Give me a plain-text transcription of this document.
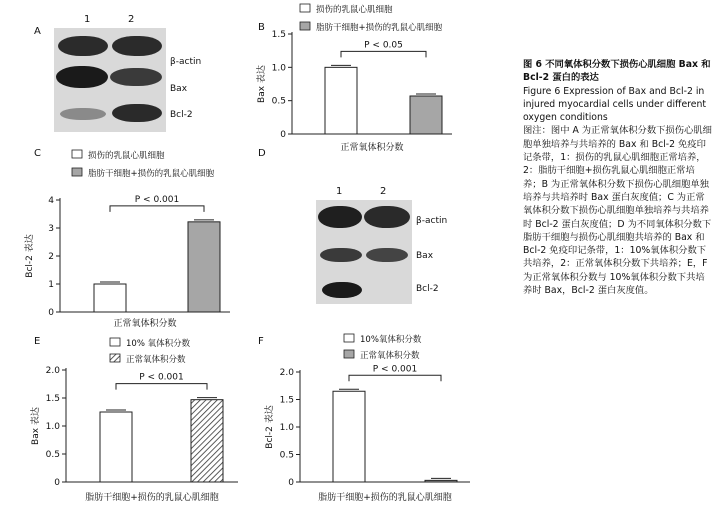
A
1	2
β-actin
Bax
Bcl-2
D
1	2
β-actin
Bax
Bcl-2
B
0
0.5
1.0
1.5
Bax 表达
正常氧体积分数
P < 0.05
损伤的乳鼠心肌细胞
脂肪干细胞+损伤的乳鼠心肌细胞
C
0
1
2
3
4
Bcl-2 表达
正常氧体积分数
P < 0.001
损伤的乳鼠心肌细胞
脂肪干细胞+损伤的乳鼠心肌细胞
E
0
0.5
1.0
1.5
2.0
Bax 表达
脂肪干细胞+损伤的乳鼠心肌细胞
P < 0.001
10% 氧体积分数
正常氧体积分数
F
0
0.5
1.0
1.5
2.0
Bcl-2 表达
脂肪干细胞+损伤的乳鼠心肌细胞
P < 0.001
10%氧体积分数
正常氧体积分数
图 6 不同氧体积分数下损伤心肌细胞 Bax 和 Bcl-2 蛋白的表达
Figure 6 Expression of Bax and Bcl-2 in injured myocardial cells under different oxygen conditions
图注：图中 A 为正常氧体积分数下损伤心肌细胞单独培养与共培养的 Bax 和 Bcl-2 免疫印记条带，1：损伤的乳鼠心肌细胞正常培养，2：脂肪干细胞+损伤乳鼠心肌细胞正常培养；B 为正常氧体积分数下损伤心肌细胞单独培养与共培养时 Bax 蛋白灰度值；C 为正常氧体积分数下损伤心肌细胞单独培养与共培养时 Bcl-2 蛋白灰度值；D 为不同氧体积分数下脂肪干细胞与损伤心肌细胞共培养的 Bax 和 Bcl-2 免疫印记条带，1：10%氧体积分数下共培养，2：正常氧体积分数下共培养；E，F 为正常氧体积分数与 10%氧体积分数下共培养时 Bax，Bcl-2 蛋白灰度值。
